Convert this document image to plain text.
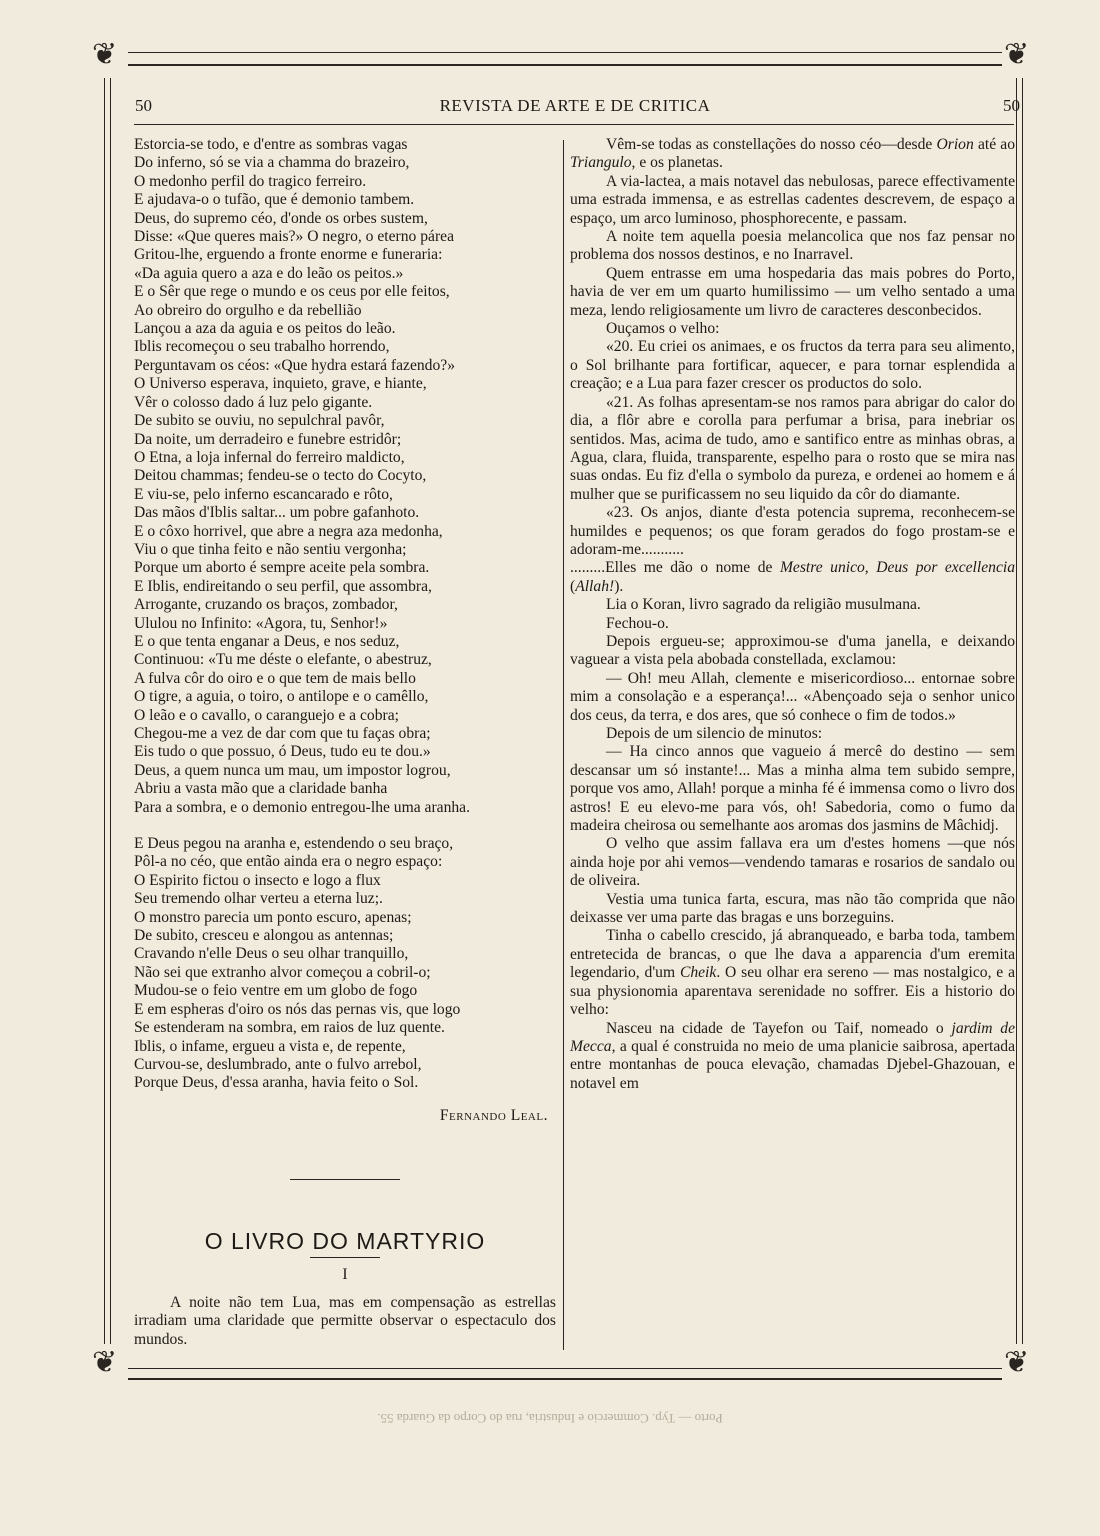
❦	❦
❦	❦
50	REVISTA DE ARTE E DE CRITICA	50
Estorcia-se todo, e d'entre as sombras vagas
Do inferno, só se via a chamma do brazeiro,
O medonho perfil do tragico ferreiro.
E ajudava-o o tufão, que é demonio tambem.
Deus, do supremo céo, d'onde os orbes sustem,
Disse: «Que queres mais?» O negro, o eterno párea
Gritou-lhe, erguendo a fronte enorme e funeraria:
«Da aguia quero a aza e do leão os peitos.»
E o Sêr que rege o mundo e os ceus por elle feitos,
Ao obreiro do orgulho e da rebellião
Lançou a aza da aguia e os peitos do leão.
Iblis recomeçou o seu trabalho horrendo,
Perguntavam os céos: «Que hydra estará fazendo?»
O Universo esperava, inquieto, grave, e hiante,
Vêr o colosso dado á luz pelo gigante.
De subito se ouviu, no sepulchral pavôr,
Da noite, um derradeiro e funebre estridôr;
O Etna, a loja infernal do ferreiro maldicto,
Deitou chammas; fendeu-se o tecto do Cocyto,
E viu-se, pelo inferno escancarado e rôto,
Das mãos d'Iblis saltar... um pobre gafanhoto.
E o côxo horrivel, que abre a negra aza medonha,
Viu o que tinha feito e não sentiu vergonha;
Porque um aborto é sempre aceite pela sombra.
E Iblis, endireitando o seu perfil, que assombra,
Arrogante, cruzando os braços, zombador,
Ululou no Infinito: «Agora, tu, Senhor!»
E o que tenta enganar a Deus, e nos seduz,
Continuou: «Tu me déste o elefante, o abestruz,
A fulva côr do oiro e o que tem de mais bello
O tigre, a aguia, o toiro, o antilope e o camêllo,
O leão e o cavallo, o caranguejo e a cobra;
Chegou-me a vez de dar com que tu faças obra;
Eis tudo o que possuo, ó Deus, tudo eu te dou.»
Deus, a quem nunca um mau, um impostor logrou,
Abriu a vasta mão que a claridade banha
Para a sombra, e o demonio entregou-lhe uma aranha.
E Deus pegou na aranha e, estendendo o seu braço,
Pôl-a no céo, que então ainda era o negro espaço:
O Espirito fictou o insecto e logo a flux
Seu tremendo olhar verteu a eterna luz;.
O monstro parecia um ponto escuro, apenas;
De subito, cresceu e alongou as antennas;
Cravando n'elle Deus o seu olhar tranquillo,
Não sei que extranho alvor começou a cobril-o;
Mudou-se o feio ventre em um globo de fogo
E em espheras d'oiro os nós das pernas vis, que logo
Se estenderam na sombra, em raios de luz quente.
Iblis, o infame, ergueu a vista e, de repente,
Curvou-se, deslumbrado, ante o fulvo arrebol,
Porque Deus, d'essa aranha, havia feito o Sol.
Fernando Leal.
O LIVRO DO MARTYRIO
I

A noite não tem Lua, mas em compensação as estrellas irradiam uma claridade que permitte observar o espectaculo dos mundos.

Vêm-se todas as constellações do nosso céo—desde Orion até ao Triangulo, e os planetas.

A via-lactea, a mais notavel das nebulosas, parece effectivamente uma estrada immensa, e as estrellas cadentes descrevem, de espaço a espaço, um arco luminoso, phosphorecente, e passam.

A noite tem aquella poesia melancolica que nos faz pensar no problema dos nossos destinos, e no Inarravel.

Quem entrasse em uma hospedaria das mais pobres do Porto, havia de ver em um quarto humilissimo — um velho sentado a uma meza, lendo religiosamente um livro de caracteres desconbecidos.

Ouçamos o velho:

«20. Eu criei os animaes, e os fructos da terra para seu alimento, o Sol brilhante para fortificar, aquecer, e para tornar esplendida a creação; e a Lua para fazer crescer os productos do solo.

«21. As folhas apresentam-se nos ramos para abrigar do calor do dia, a flôr abre e corolla para perfumar a brisa, para inebriar os sentidos. Mas, acima de tudo, amo e santifico entre as minhas obras, a Agua, clara, fluida, transparente, espelho para o rosto que se mira nas suas ondas. Eu fiz d'ella o symbolo da pureza, e ordenei ao homem e á mulher que se purificassem no seu liquido da côr do diamante.

«23. Os anjos, diante d'esta potencia suprema, reconhecem-se humildes e pequenos; os que foram gerados do fogo prostam-se e adoram-me...........

.........Elles me dão o nome de Mestre unico, Deus por excellencia (Allah!).

Lia o Koran, livro sagrado da religião musulmana.

Fechou-o.

Depois ergueu-se; approximou-se d'uma janella, e deixando vaguear a vista pela abobada constellada, exclamou:

— Oh! meu Allah, clemente e misericordioso... entornae sobre mim a consolação e a esperança!... «Abençoado seja o senhor unico dos ceus, da terra, e dos ares, que só conhece o fim de todos.»

Depois de um silencio de minutos:

— Ha cinco annos que vagueio á mercê do destino — sem descansar um só instante!... Mas a minha alma tem subido sempre, porque vos amo, Allah! porque a minha fé é immensa como o livro dos astros! E eu elevo-me para vós, oh! Sabedoria, como o fumo da madeira cheirosa ou semelhante aos aromas dos jasmins de Mâchidj.

O velho que assim fallava era um d'estes homens —que nós ainda hoje por ahi vemos—vendendo tamaras e rosarios de sandalo ou de oliveira.

Vestia uma tunica farta, escura, mas não tão comprida que não deixasse ver uma parte das bragas e uns borzeguins.

Tinha o cabello crescido, já abranqueado, e barba toda, tambem entretecida de brancas, o que lhe dava a apparencia d'um eremita legendario, d'um Cheik. O seu olhar era sereno — mas nostalgico, e a sua physionomia aparentava serenidade no soffrer. Eis a historio do velho:

Nasceu na cidade de Tayefon ou Taif, nomeado o jardim de Mecca, a qual é construida no meio de uma planicie saibrosa, apertada entre montanhas de pouca elevação, chamadas Djebel-Ghazouan, e notavel em

Porto — Typ. Commercio e Industria, rua do Corpo da Guarda 55.
